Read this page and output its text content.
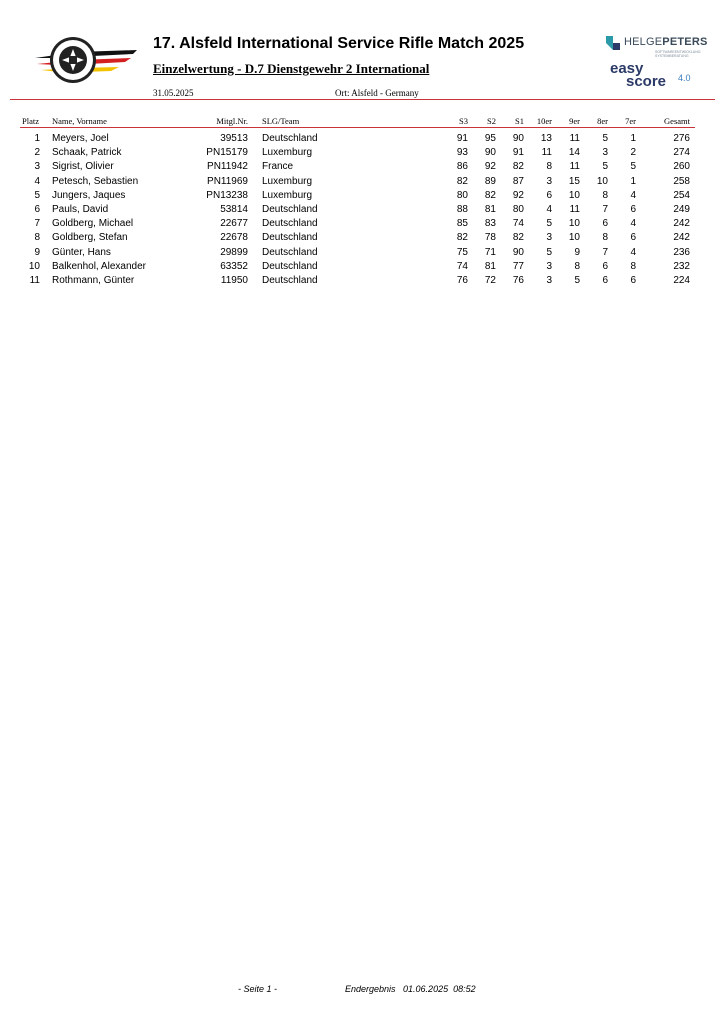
17. Alsfeld International Service Rifle Match 2025
Einzelwertung - D.7 Dienstgewehr 2 International
31.05.2025	Ort: Alsfeld - Germany
HELGEPETERS
SOFTWAREENTWICKLUNG
SYSTEMBERATUNG
easy
score 4.0
Platz Name, Vorname	Mitgl.Nr. SLG/Team	S3	S2	S1	10er	9er	8er	7er	Gesamt
1 Meyers, Joel	39513 Deutschland	91	95	90	13	11	5	1	276
2 Schaak, Patrick	PN15179 Luxemburg	93	90	91	11	14	3	2	274
3 Sigrist, Olivier	PN11942 France	86	92	82	8	11	5	5	260
4 Petesch, Sebastien	PN11969 Luxemburg	82	89	87	3	15	10	1	258
5 Jungers, Jaques	PN13238 Luxemburg	80	82	92	6	10	8	4	254
6 Pauls, David	53814 Deutschland	88	81	80	4	11	7	6	249
7 Goldberg, Michael	22677 Deutschland	85	83	74	5	10	6	4	242
8 Goldberg, Stefan	22678 Deutschland	82	78	82	3	10	8	6	242
9 Günter, Hans	29899 Deutschland	75	71	90	5	9	7	4	236
10 Balkenhol, Alexander	63352 Deutschland	74	81	77	3	8	6	8	232
11 Rothmann, Günter	11950 Deutschland	76	72	76	3	5	6	6	224
- Seite 1 -	Endergebnis   01.06.2025  08:52
